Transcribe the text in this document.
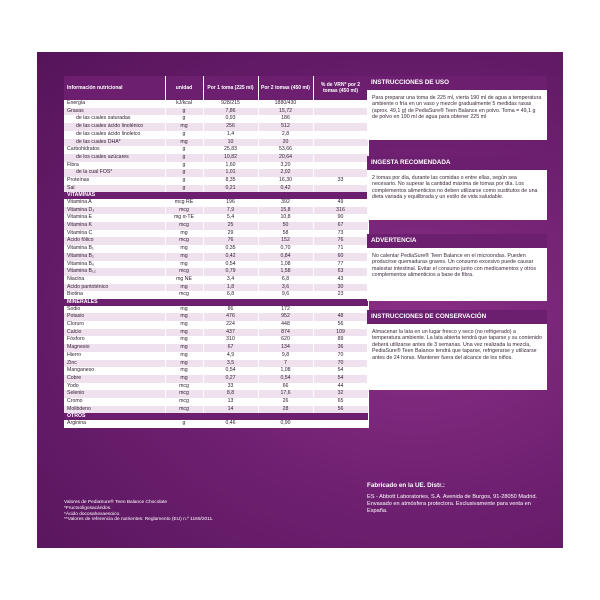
Información nutricional	unidad	Por 1 toma (225 ml)	Por 2 tomas (450 ml)	% de VRN* por 2 tomas (450 ml)
Energía	kJ/kcal	928/215	1880/430	
Grasas	g	7,86	15,72	
de las cuales saturadas	g	0,93	186	
de las cuales ácido linolénico	mg	256	512	
de las cuales ácido linoleico	g	1,4	2,8	
de las cuales DHA*	mg	10	20	
Carbohidratos	g	25,83	53,66	
de los cuales azúcares	g	10,82	20,64	
Fibra	g	1,60	3,20	
de la cual FOS*	g	1,01	2,02	
Proteínas	g	8,35	16,30	33
Sal	g	0,21	0,42	
VITAMINAS				
Vitamina A	mcg RE	196	392	49
Vitamina D₃	mcg	7,9	15,8	316
Vitamina E	mg α-TE	5,4	10,8	90
Vitamina K	mcg	25	50	67
Vitamina C	mg	29	58	73
Ácido fólico	mcg	76	152	76
Vitamina B₁	mg	0,35	0,70	71
Vitamina B₂	mg	0,42	0,84	60
Vitamina B₆	mg	0,54	1,08	77
Vitamina B₁₂	mcg	0,79	1,58	63
Niacina	mg NE	3,4	6,8	43
Ácido pantoténico	mg	1,8	3,6	30
Biotina	mcg	6,8	9,6	23
MINERALES				
Sodio	mg	86	172	
Potasio	mg	476	952	48
Cloruro	mg	224	448	56
Calcio	mg	437	874	109
Fósforo	mg	310	620	89
Magnesio	mg	67	134	36
Hierro	mg	4,9	9,8	70
Zinc	mg	3,5	7	70
Manganeso	mg	0,54	1,08	54
Cobre	mg	0,27	0,54	54
Yodo	mcg	33	66	44
Selenio	mcg	8,8	17,6	32
Cromo	mcg	13	26	65
Molibdeno	mcg	14	28	56
OTROS				
Arginina	g	0,46	0,90	
Valores de PediaSure® Teen Balance Chocolate
*Fructooligosacáridos.
*Ácido docosahexaenoico.
**Valores de referencia de nutrientes: Reglamento (EU) n.º 1169/2011.
INSTRUCCIONES DE USO
Para preparar una toma de 225 ml, vierta 190 ml de agua a temperatura ambiente o fría en un vaso y mezcle gradualmente 5 medidas rasas (aprox. 49,1 g) de PediaSure® Teen Balance en polvo. Toma = 49,1 g de polvo en 190 ml de agua para obtener 225 ml
INGESTA RECOMENDADA
2 tomas por día, durante las comidas o entre ellas, según sea necesario. No superar la cantidad máxima de tomas por día. Los complementos alimenticios no deben utilizarse como sustitutos de una dieta variada y equilibrada y un estilo de vida saludable.
ADVERTENCIA
No calentar PediaSure® Teen Balance en el microondas. Pueden producirse quemaduras graves. Un consumo excesivo puede causar malestar intestinal. Evitar el consumo junto con medicamentos y otros complementos alimenticios a base de fibra.
INSTRUCCIONES DE CONSERVACIÓN
Almacenar la lata en un lugar fresco y seco (no refrigerado) a temperatura ambiente. La lata abierta tendrá que taparse y su contenido deberá utilizarse antes de 3 semanas. Una vez realizada la mezcla, PediaSure® Teen Balance tendrá que taparse, refrigerarse y utilizarse antes de 24 horas. Mantener fuera del alcance de los niños.
Fabricado en la UE. Distr.:
ES - Abbott Laboratories, S.A. Avenida de Burgos, 91-28050 Madrid. Envasado en atmósfera protectora. Exclusivamente para venta en España.
